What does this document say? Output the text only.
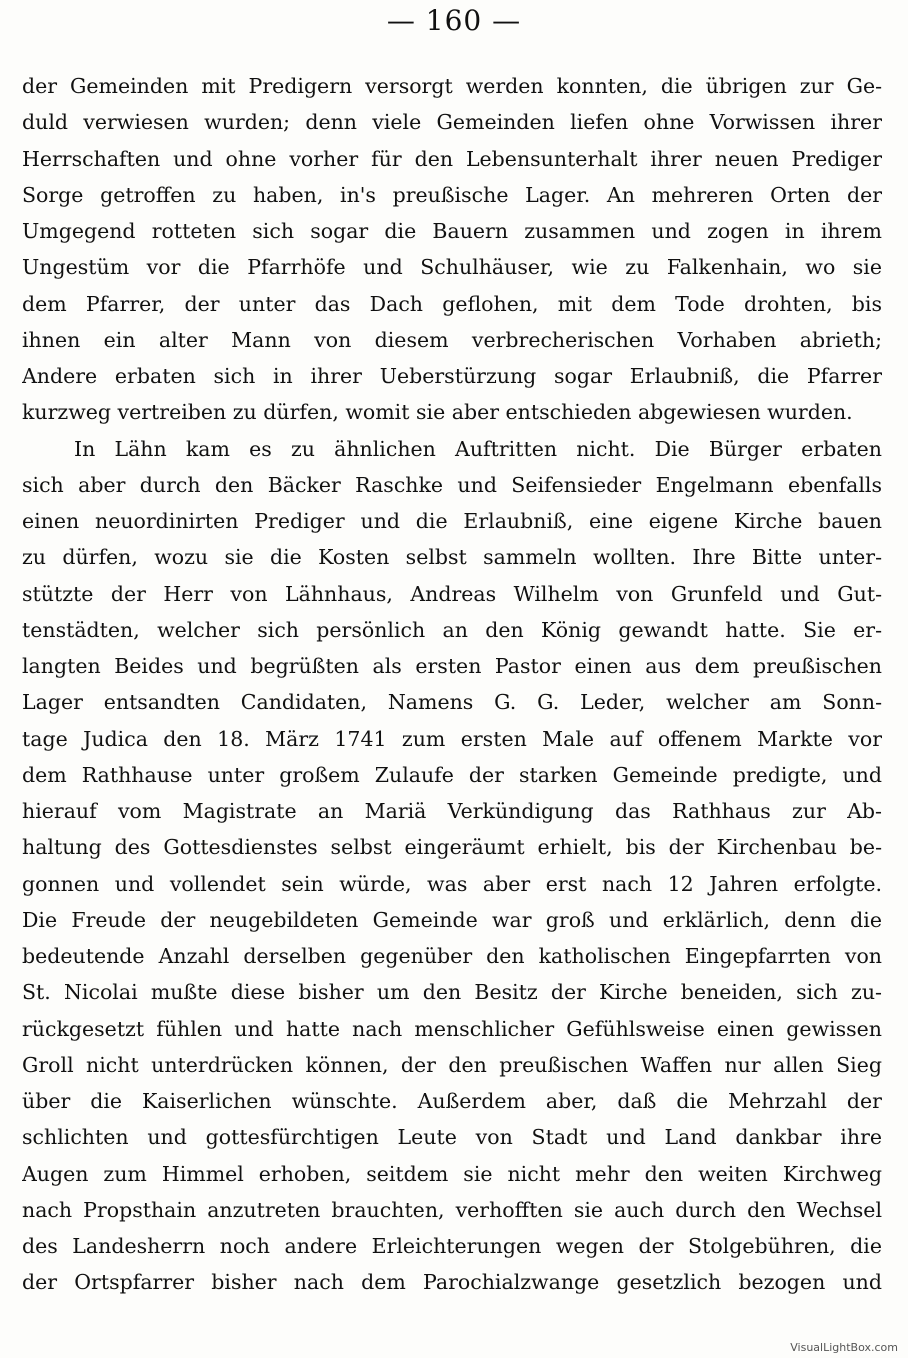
— 160 —
der Gemeinden mit Predigern versorgt werden konnten, die übrigen zur Ge-
duld verwiesen wurden; denn viele Gemeinden liefen ohne Vorwissen ihrer
Herrschaften und ohne vorher für den Lebensunterhalt ihrer neuen Prediger
Sorge getroffen zu haben, in's preußische Lager. An mehreren Orten der
Umgegend rotteten sich sogar die Bauern zusammen und zogen in ihrem
Ungestüm vor die Pfarrhöfe und Schulhäuser, wie zu Falkenhain, wo sie
dem Pfarrer, der unter das Dach geflohen, mit dem Tode drohten, bis
ihnen ein alter Mann von diesem verbrecherischen Vorhaben abrieth;
Andere erbaten sich in ihrer Ueberstürzung sogar Erlaubniß, die Pfarrer
kurzweg vertreiben zu dürfen, womit sie aber entschieden abgewiesen wurden.
In Lähn kam es zu ähnlichen Auftritten nicht. Die Bürger erbaten
sich aber durch den Bäcker Raschke und Seifensieder Engelmann ebenfalls
einen neuordinirten Prediger und die Erlaubniß, eine eigene Kirche bauen
zu dürfen, wozu sie die Kosten selbst sammeln wollten. Ihre Bitte unter-
stützte der Herr von Lähnhaus, Andreas Wilhelm von Grunfeld und Gut-
tenstädten, welcher sich persönlich an den König gewandt hatte. Sie er-
langten Beides und begrüßten als ersten Pastor einen aus dem preußischen
Lager entsandten Candidaten, Namens G. G. Leder, welcher am Sonn-
tage Judica den 18. März 1741 zum ersten Male auf offenem Markte vor
dem Rathhause unter großem Zulaufe der starken Gemeinde predigte, und
hierauf vom Magistrate an Mariä Verkündigung das Rathhaus zur Ab-
haltung des Gottesdienstes selbst eingeräumt erhielt, bis der Kirchenbau be-
gonnen und vollendet sein würde, was aber erst nach 12 Jahren erfolgte.
Die Freude der neugebildeten Gemeinde war groß und erklärlich, denn die
bedeutende Anzahl derselben gegenüber den katholischen Eingepfarrten von
St. Nicolai mußte diese bisher um den Besitz der Kirche beneiden, sich zu-
rückgesetzt fühlen und hatte nach menschlicher Gefühlsweise einen gewissen
Groll nicht unterdrücken können, der den preußischen Waffen nur allen Sieg
über die Kaiserlichen wünschte. Außerdem aber, daß die Mehrzahl der
schlichten und gottesfürchtigen Leute von Stadt und Land dankbar ihre
Augen zum Himmel erhoben, seitdem sie nicht mehr den weiten Kirchweg
nach Propsthain anzutreten brauchten, verhofften sie auch durch den Wechsel
des Landesherrn noch andere Erleichterungen wegen der Stolgebühren, die
der Ortspfarrer bisher nach dem Parochialzwange gesetzlich bezogen und
VisualLightBox.com
